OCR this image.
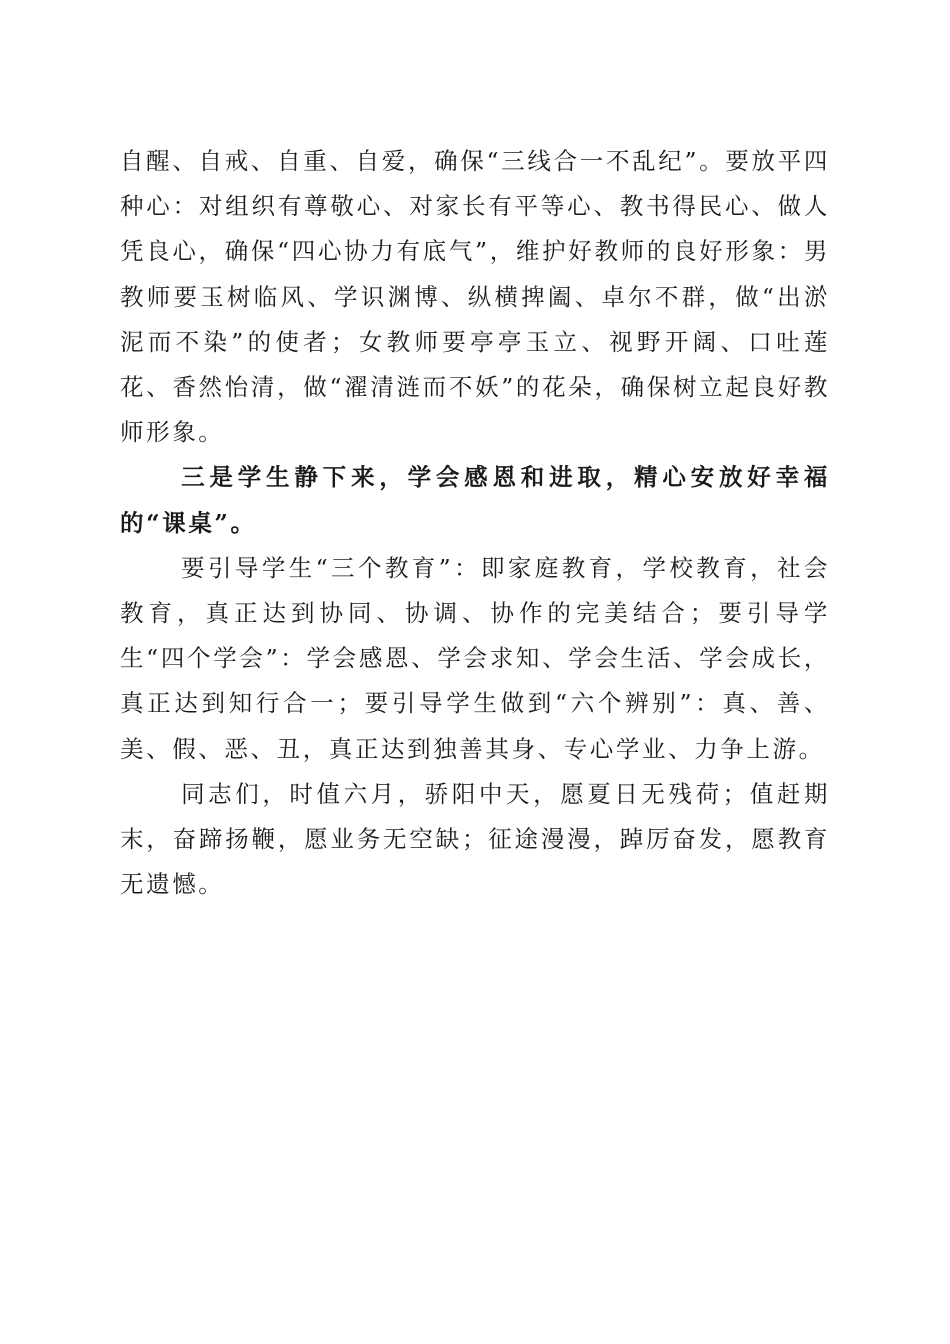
自醒、自戒、自重、自爱，确保“三线合一不乱纪”。要放平四种心：对组织有尊敬心、对家长有平等心、教书得民心、做人凭良心，确保“四心协力有底气”，维护好教师的良好形象：男教师要玉树临风、学识渊博、纵横捭阖、卓尔不群，做“出淤泥而不染”的使者；女教师要亭亭玉立、视野开阔、口吐莲花、香然怡清，做“濯清涟而不妖”的花朵，确保树立起良好教师形象。

三是学生静下来，学会感恩和进取，精心安放好幸福的“课桌”。

要引导学生“三个教育”：即家庭教育，学校教育，社会教育，真正达到协同、协调、协作的完美结合；要引导学生“四个学会”：学会感恩、学会求知、学会生活、学会成长，真正达到知行合一；要引导学生做到“六个辨别”：真、善、美、假、恶、丑，真正达到独善其身、专心学业、力争上游。

同志们，时值六月，骄阳中天，愿夏日无残荷；值赶期末，奋蹄扬鞭，愿业务无空缺；征途漫漫，踔厉奋发，愿教育无遗憾。
